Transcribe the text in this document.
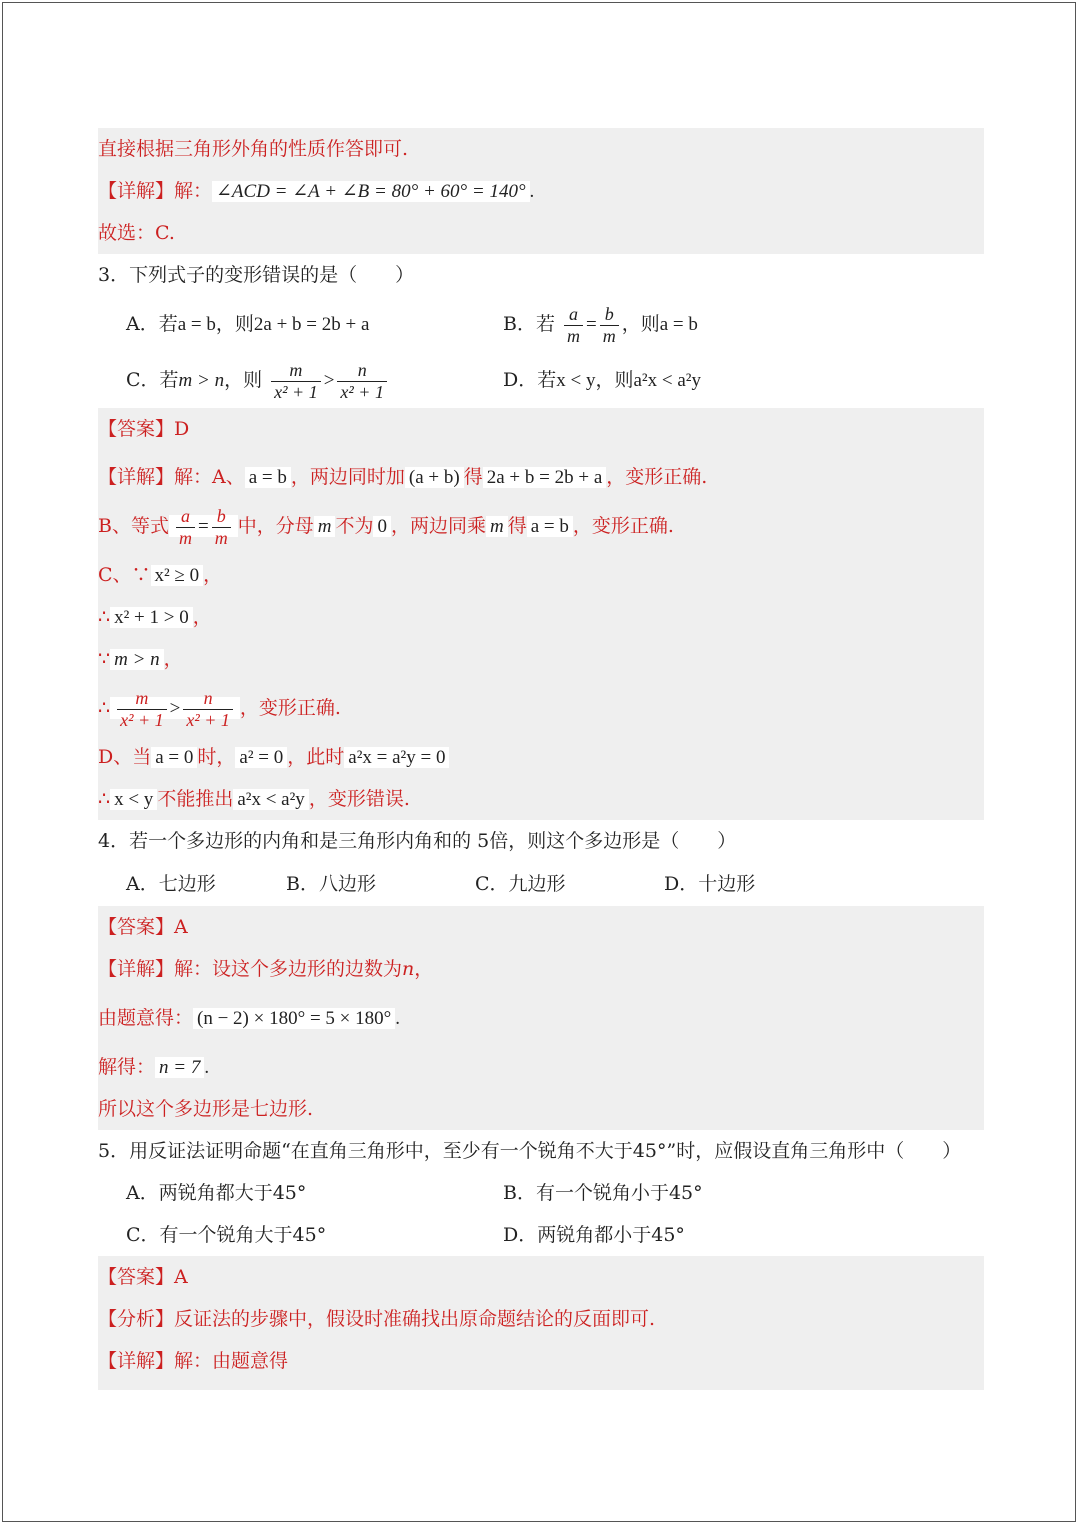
直接根据三角形外角的性质作答即可.
【详解】解： ∠ACD = ∠A + ∠B = 80° + 60° = 140° .
故选：C.
3．下列式子的变形错误的是（　　）
A．若a = b，则2a + b = 2b + a	B．若 $\frac{a}{m} = \frac{b}{m}$ ，则a = b
C．若m > n，则 $\frac{m}{\text{x² + 1}} > \frac{n}{\text{x² + 1}}$	D．若x < y，则a²x < a²y
【答案】D
【详解】解：A、 a = b ，两边同时加 (a + b) 得 2a + b = 2b + a ，变形正确.
B、等式 $\frac{a}{m} = \frac{b}{m}$ 中，分母 m 不为 0 ，两边同乘 m 得 a = b ，变形正确.
C、∵ x² ≥ 0 ，
∴ x² + 1 > 0 ，
∵ m > n ，
∴ $\frac{m}{\text{x² + 1}} > \frac{n}{\text{x² + 1}}$ ，变形正确.
D、当 a = 0 时， a² = 0 ，此时 a²x = a²y = 0
∴ x < y 不能推出 a²x < a²y ，变形错误.
4．若一个多边形的内角和是三角形内角和的 5倍，则这个多边形是（　　）
A．七边形	B．八边形	C．九边形	D．十边形
【答案】A
【详解】解：设这个多边形的边数为n，
由题意得： (n − 2) × 180° = 5 × 180° .
解得： n = 7 .
所以这个多边形是七边形.
5．用反证法证明命题“在直角三角形中，至少有一个锐角不大于45°”时，应假设直角三角形中（　　）
A．两锐角都大于45°	B．有一个锐角小于45°
C．有一个锐角大于45°	D．两锐角都小于45°
【答案】A
【分析】反证法的步骤中，假设时准确找出原命题结论的反面即可.
【详解】解：由题意得
